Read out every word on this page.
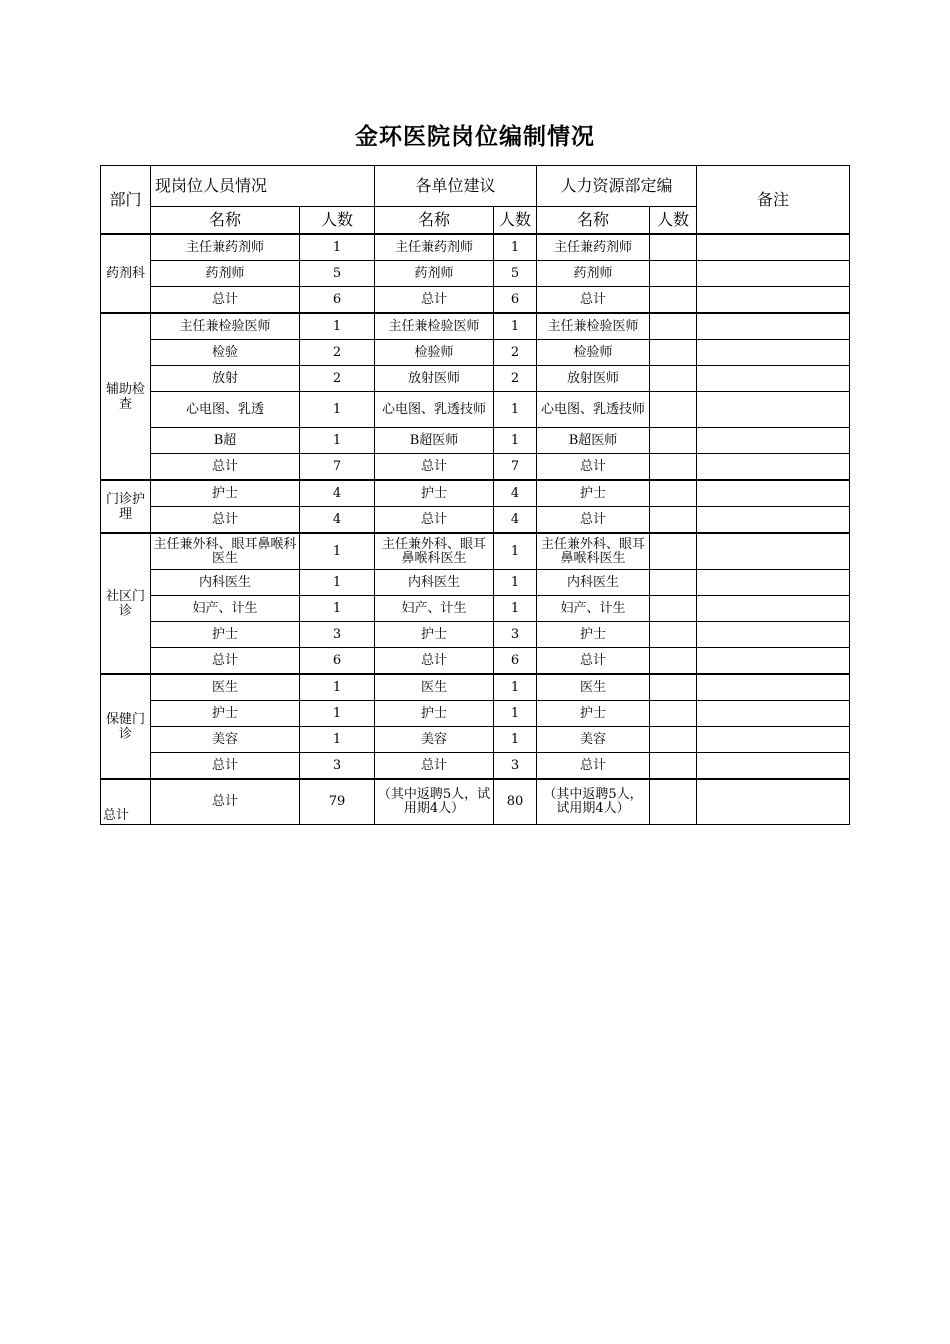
金环医院岗位编制情况
部门	现岗位人员情况		各单位建议		人力资源部定编		备注
	名称	人数	名称	人数	名称	人数	
药剂科	主任兼药剂师	1	主任兼药剂师	1	主任兼药剂师		
	药剂师	5	药剂师	5	药剂师		
	总计	6	总计	6	总计		
辅助检查	主任兼检验医师	1	主任兼检验医师	1	主任兼检验医师		
	检验	2	检验师	2	检验师		
	放射	2	放射医师	2	放射医师		
	心电图、乳透	1	心电图、乳透技师	1	心电图、乳透技师		
	B超	1	B超医师	1	B超医师		
	总计	7	总计	7	总计		
门诊护理	护士	4	护士	4	护士		
	总计	4	总计	4	总计		
社区门诊	主任兼外科、眼耳鼻喉科医生	1	主任兼外科、眼耳鼻喉科医生	1	主任兼外科、眼耳鼻喉科医生		
	内科医生	1	内科医生	1	内科医生		
	妇产、计生	1	妇产、计生	1	妇产、计生		
	护士	3	护士	3	护士		
	总计	6	总计	6	总计		
保健门诊	医生	1	医生	1	医生		
	护士	1	护士	1	护士		
	美容	1	美容	1	美容		
	总计	3	总计	3	总计		
总计	总计	79	（其中返聘5人，试用期4人）	80	（其中返聘5人，试用期4人）		
